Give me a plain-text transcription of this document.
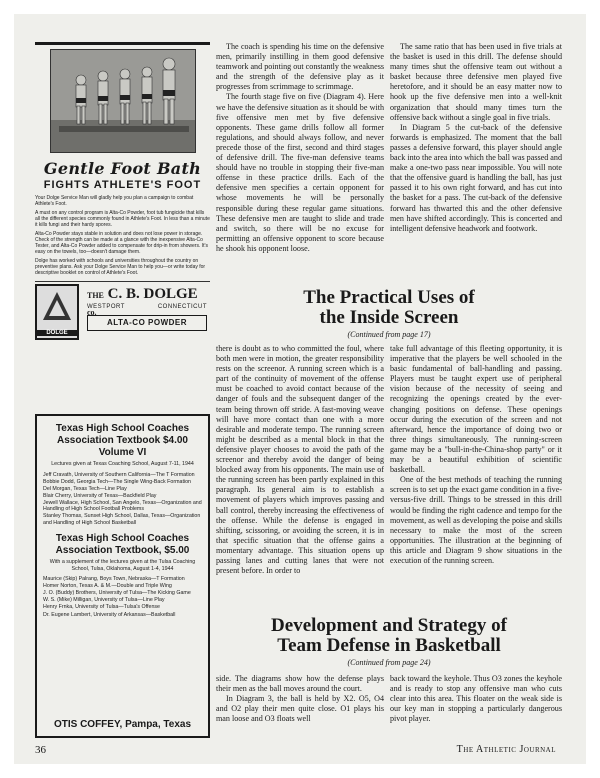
Gentle Foot Bath
FIGHTS ATHLETE'S FOOT

Your Dolge Service Man will gladly help you plan a campaign to combat Athlete's Foot.

A must on any control program is Alta-Co Powder, foot tub fungicide that kills all the different species commonly found in Athlete's Foot. In less than a minute it kills fungi and their hardy spores.

Alta-Co Powder stays stable in solution and does not lose power in storage. Check of the strength can be made at a glance with the inexpensive Alta-Co Tester, and Alta-Co Powder added to compensate for drip-in from showers. It's easy on the towels, too—doesn't damage them.

Dolge has worked with schools and universities throughout the country on preventive plans. Ask your Dolge Service Man to help you—or write today for descriptive booklet on control of Athlete's Foot.

DOLGE
THE C. B. DOLGE co.
WESTPORT	CONNECTICUT
ALTA-CO POWDER
Texas High School Coaches Association Textbook $4.00
Volume VI
Lectures given at Texas Coaching School, August 7-11, 1944

Jeff Cravath, University of Southern California—The T Formation

Bobbie Dodd, Georgia Tech—The Single Wing-Back Formation

Del Morgan, Texas Tech—Line Play

Blair Cherry, University of Texas—Backfield Play

Jewell Wallace, High School, San Angelo, Texas—Organization and Handling of High School Football Problems

Stanley Thomas, Sunset High School, Dallas, Texas—Organization and Handling of High School Basketball

Texas High School Coaches Association Textbook, $5.00
With a supplement of the lectures given at the Tulsa Coaching School, Tulsa, Oklahoma, August 1-4, 1944

Maurice (Skip) Palrang, Boys Town, Nebraska—T Formation

Homer Norton, Texas A. & M.—Double and Triple Wing

J. O. (Buddy) Brothers, University of Tulsa—The Kicking Game

W. S. (Mike) Milligan, University of Tulsa—Line Play

Henry Frnka, University of Tulsa—Tulsa's Offense

Dr. Eugene Lambert, University of Arkansas—Basketball

OTIS COFFEY, Pampa, Texas

The coach is spending his time on the defensive men, primarily instilling in them good defensive teamwork and pointing out constantly the weakness and the strength of the defensive play as it progresses from scrimmage to scrimmage.

The fourth stage five on five (Diagram 4). Here we have the defensive situation as it should be with five offensive men met by five defensive opponents. These game drills follow all former regulations, and should always follow, and never precede those of the first, second and third stages of defensive drill. The five-man defensive teams should have no trouble in stopping their five-man offense in these practice drills. Each of the defensive men specifies a certain opponent for whose movements he will be personally responsible during these regular game situations. These defensive men are taught to slide and trade and switch, so there will be no excuse for permitting an offensive opponent to score because he shook his opponent loose.

The same ratio that has been used in five trials at the basket is used in this drill. The defense should many times shut the offensive team out without a basket because three defensive men played five heretofore, and it should be an easy matter now to hook up the five defensive men into a well-knit organization that should many times turn the offensive back without a single goal in five trials.

In Diagram 5 the cut-back of the defensive forwards is emphasized. The moment that the ball passes a defensive forward, this player should angle back into the area into which the ball was passed and make a one-two pass near impossible. You will note that the offensive guard is handling the ball, has just passed it to his own right forward, and has cut into the basket for a pass. The cut-back of the defensive forward has thwarted this and the other defensive men have shifted accordingly. This is concerted and intelligent defensive headwork and footwork.

The Practical Uses of
the Inside Screen
(Continued from page 17)

there is doubt as to who committed the foul, where both men were in motion, the greater responsibility rests on the screenor. A running screen which is a part of the continuity of movement of the offense must be coached to avoid contact because of the danger of fouls and the subsequent danger of the team being thrown off stride. A fast-moving weave will have more contact than one with a more desirable and moderate tempo. The running screen might be described as a mental block in that the defensive player chooses to avoid the path of the screenor and thereby avoid the danger of being blocked away from his opponents. The main use of the running screen has been partly explained in this paragraph. Its general aim is to establish a movement of players which improves passing and ball control, thereby increasing the effectiveness of the offense. While the defense is engaged in shifting, scissoring, or avoiding the screen, it is in that specific situation that the offense gains a momentary advantage. This situation opens up passing lanes and cutting lanes that were not present before. In order to

take full advantage of this fleeting opportunity, it is imperative that the players be well schooled in the basic fundamental of ball-handling and passing. Players must be taught expert use of peripheral vision because of the necessity of seeing and recognizing the openings created by the ever-changing positions on defense. These openings occur during the execution of the screen and not afterward, hence the importance of doing two or three things simultaneously. The running-screen game may be a "bull-in-the-China-shop party" or it may be a beautiful exhibition of scientific basketball.

One of the best methods of teaching the running screen is to set up the exact game condition in a five-versus-five drill. Things to be stressed in this drill would be finding the right cadence and tempo for the movement, as well as developing the poise and skills necessary to make the most of the screen opportunities. The illustration at the beginning of this article and Diagram 9 show situations in the execution of the running screen.

Development and Strategy of
Team Defense in Basketball
(Continued from page 24)

side. The diagrams show how the defense plays their men as the ball moves around the court.

In Diagram 3, the ball is held by X2. O5, O4 and O2 play their men quite close. O1 plays his man loose and O3 floats well

back toward the keyhole. Thus O3 zones the keyhole and is ready to stop any offensive man who cuts clear into this area. This floater on the weak side is our key man in stopping a particularly dangerous pivot player.

36	The Athletic Journal
